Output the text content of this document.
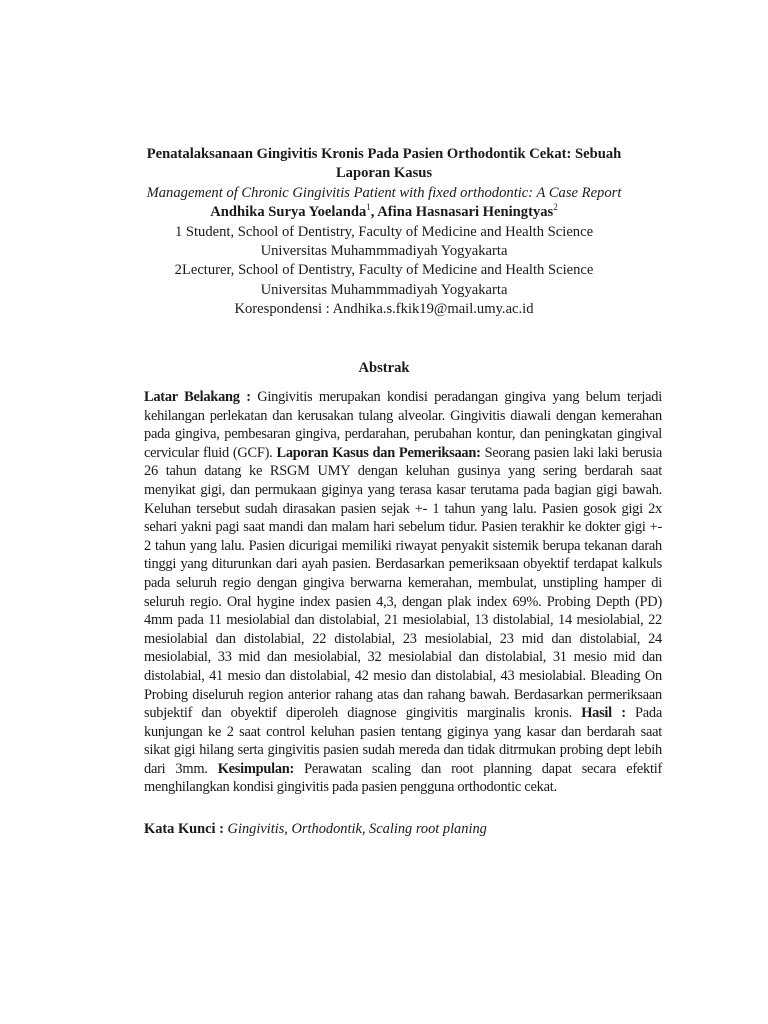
Penatalaksanaan Gingivitis Kronis Pada Pasien Orthodontik Cekat: Sebuah
Laporan Kasus
Management of Chronic Gingivitis Patient with fixed orthodontic: A Case Report
Andhika Surya Yoelanda$^1$, Afina Hasnasari Heningtyas$^2$
1 Student, School of Dentistry, Faculty of Medicine and Health Science
Universitas Muhammmadiyah Yogyakarta
2Lecturer, School of Dentistry, Faculty of Medicine and Health Science
Universitas Muhammmadiyah Yogyakarta
Korespondensi : Andhika.s.fkik19@mail.umy.ac.id
Abstrak
Latar Belakang : Gingivitis merupakan kondisi peradangan gingiva yang belum terjadi kehilangan perlekatan dan kerusakan tulang alveolar. Gingivitis diawali dengan kemerahan pada gingiva, pembesaran gingiva, perdarahan, perubahan kontur, dan peningkatan gingival cervicular fluid (GCF). Laporan Kasus dan Pemeriksaan: Seorang pasien laki laki berusia 26 tahun datang ke RSGM UMY dengan keluhan gusinya yang sering berdarah saat menyikat gigi, dan permukaan giginya yang terasa kasar terutama pada bagian gigi bawah. Keluhan tersebut sudah dirasakan pasien sejak +- 1 tahun yang lalu. Pasien gosok gigi 2x sehari yakni pagi saat mandi dan malam hari sebelum tidur. Pasien terakhir ke dokter gigi +- 2 tahun yang lalu. Pasien dicurigai memiliki riwayat penyakit sistemik berupa tekanan darah tinggi yang diturunkan dari ayah pasien. Berdasarkan pemeriksaan obyektif terdapat kalkuls pada seluruh regio dengan gingiva berwarna kemerahan, membulat, unstipling hamper di seluruh regio. Oral hygine index pasien 4,3, dengan plak index 69%. Probing Depth (PD) 4mm pada 11 mesiolabial dan distolabial, 21 mesiolabial, 13 distolabial, 14 mesiolabial, 22 mesiolabial dan distolabial, 22 distolabial, 23 mesiolabial, 23 mid dan distolabial, 24 mesiolabial, 33 mid dan mesiolabial, 32 mesiolabial dan distolabial, 31 mesio mid dan distolabial, 41 mesio dan distolabial, 42 mesio dan distolabial, 43 mesiolabial. Bleading On Probing diseluruh region anterior rahang atas dan rahang bawah. Berdasarkan permeriksaan subjektif dan obyektif diperoleh diagnose gingivitis marginalis kronis. Hasil : Pada kunjungan ke 2 saat control keluhan pasien tentang giginya yang kasar dan berdarah saat sikat gigi hilang serta gingivitis pasien sudah mereda dan tidak ditrmukan probing dept lebih dari 3mm. Kesimpulan: Perawatan scaling dan root planning dapat secara efektif menghilangkan kondisi gingivitis pada pasien pengguna orthodontic cekat.
Kata Kunci : Gingivitis, Orthodontik, Scaling root planing
